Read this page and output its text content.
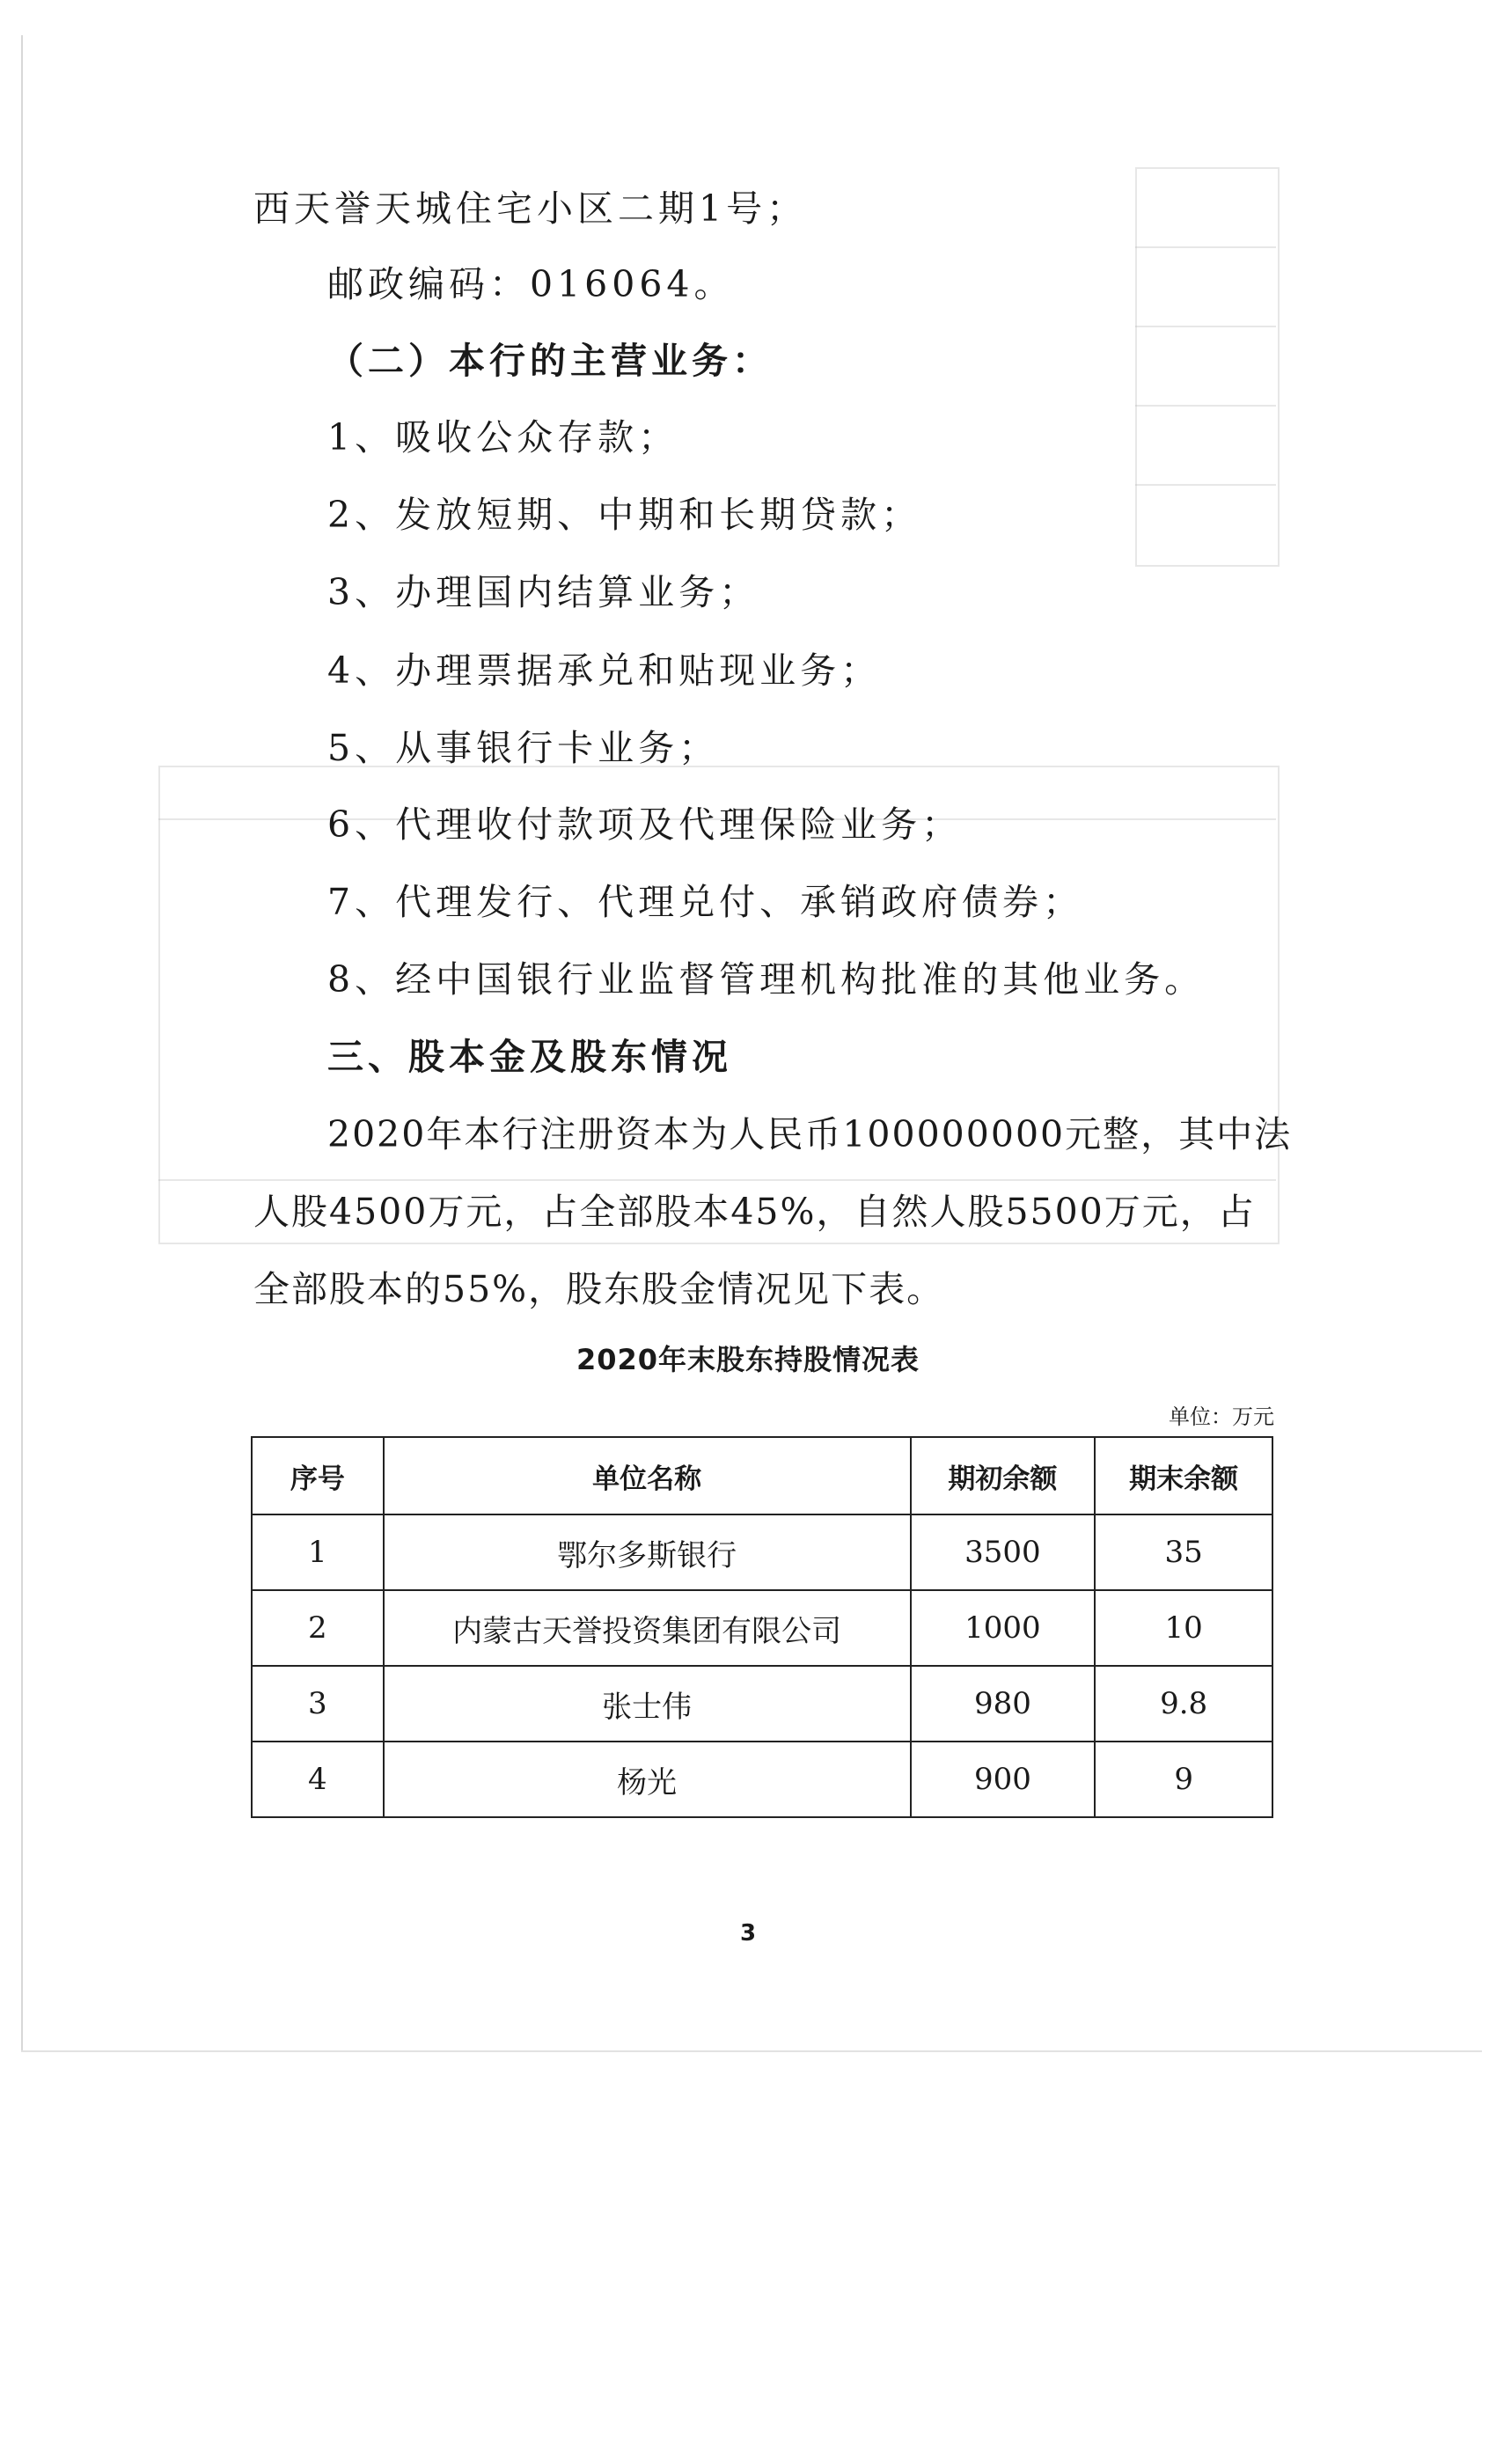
西天誉天城住宅小区二期1号；
邮政编码：016064。
（二）本行的主营业务：
1、吸收公众存款；
2、发放短期、中期和长期贷款；
3、办理国内结算业务；
4、办理票据承兑和贴现业务；
5、从事银行卡业务；
6、代理收付款项及代理保险业务；
7、代理发行、代理兑付、承销政府债券；
8、经中国银行业监督管理机构批准的其他业务。
三、股本金及股东情况
2020年本行注册资本为人民币100000000元整，其中法
人股4500万元，占全部股本45%，自然人股5500万元，占
全部股本的55%，股东股金情况见下表。
2020年末股东持股情况表
单位：万元
序号	单位名称	期初余额	期末余额
1	鄂尔多斯银行	3500	35
2	内蒙古天誉投资集团有限公司	1000	10
3	张士伟	980	9.8
4	杨光	900	9
3
